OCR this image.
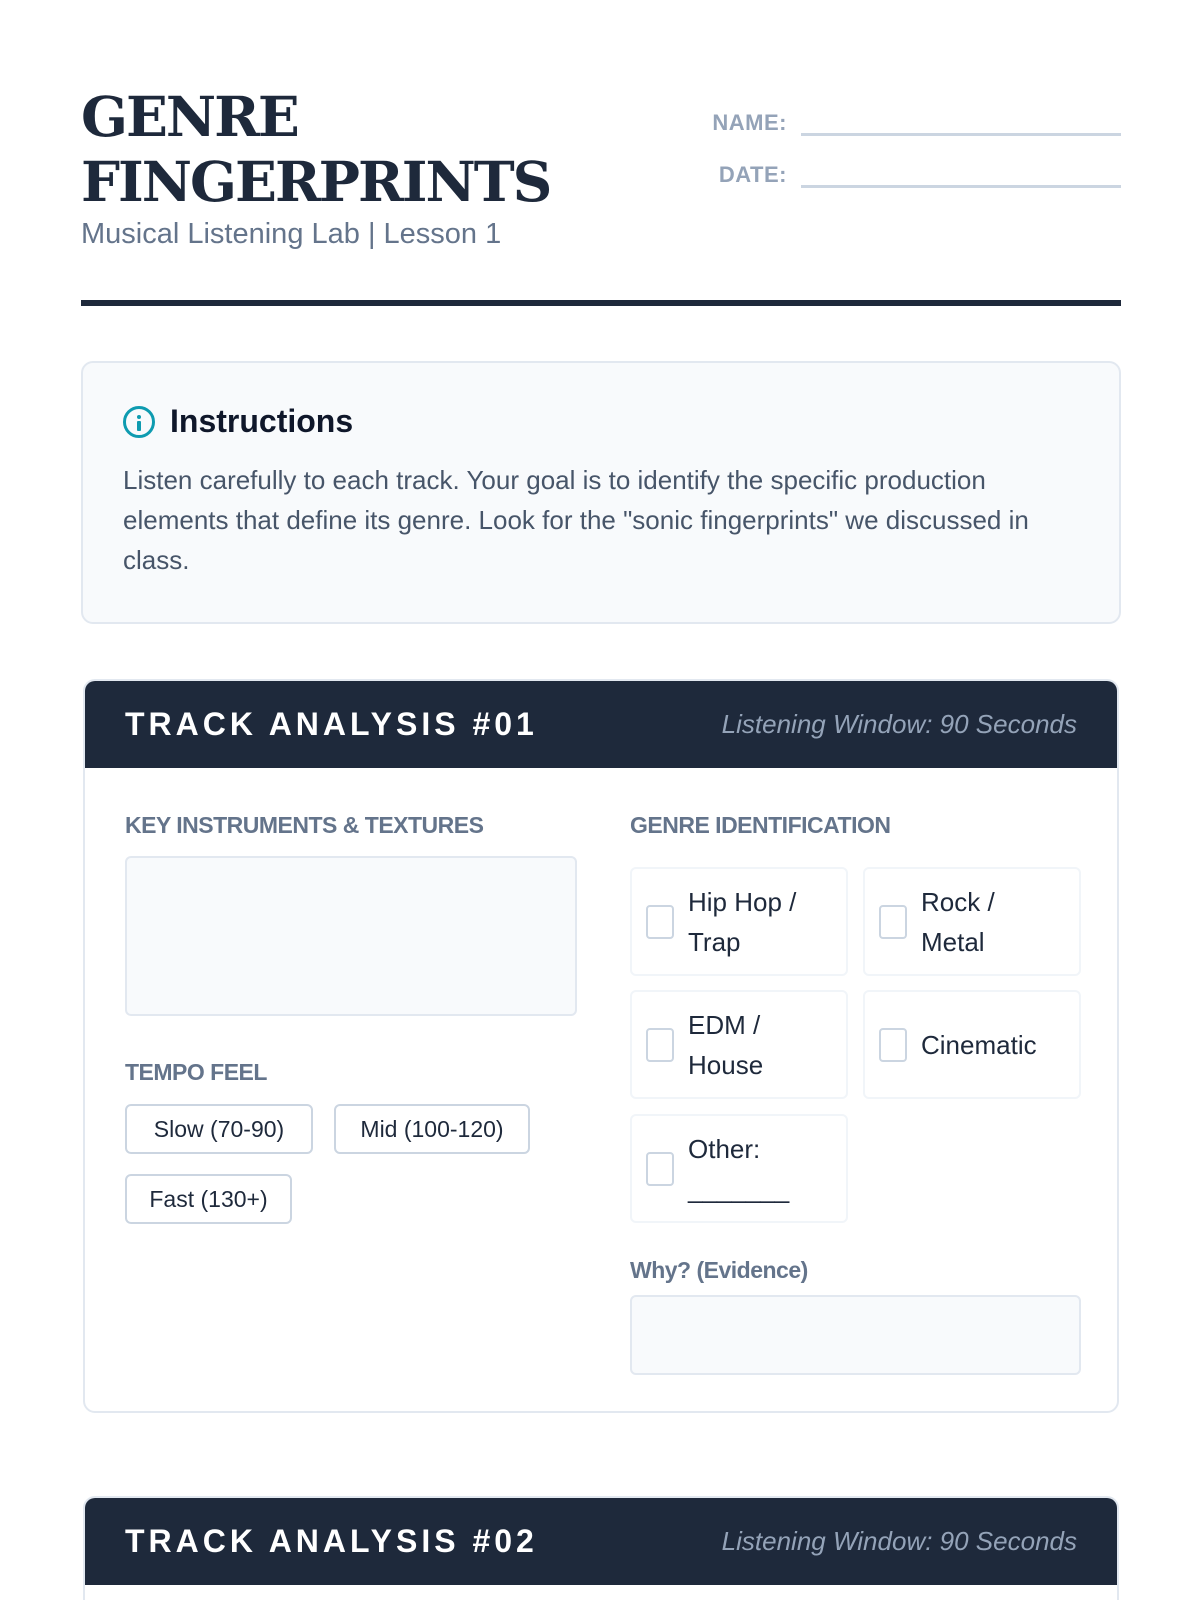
GENRE
FINGERPRINTS
Musical Listening Lab | Lesson 1
NAME:
DATE:
Instructions

Listen carefully to each track. Your goal is to identify the specific production elements that define its genre. Look for the "sonic fingerprints" we discussed in class.

TRACK ANALYSIS #01	Listening Window: 90 Seconds
KEY INSTRUMENTS & TEXTURES
TEMPO FEEL
Slow (70-90)	Mid (100-120)
Fast (130+)
GENRE IDENTIFICATION
Hip Hop /
Trap
Rock /
Metal
EDM /
House
Cinematic
Other:
_______
Why? (Evidence)
TRACK ANALYSIS #02	Listening Window: 90 Seconds
